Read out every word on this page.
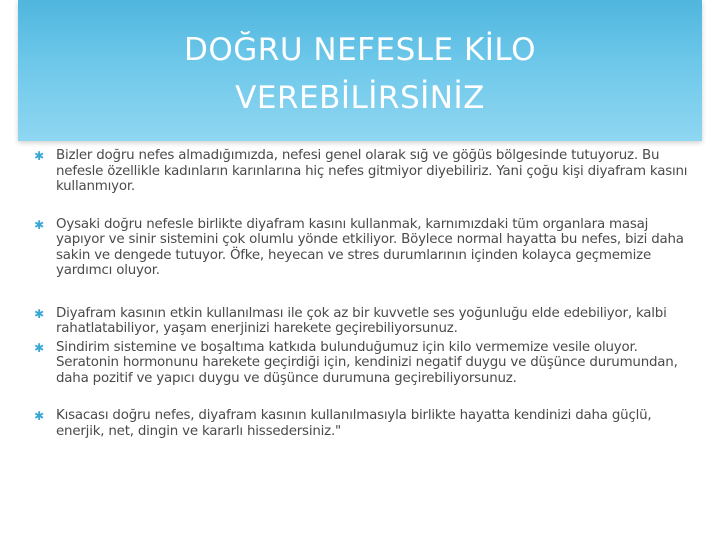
DOĞRU NEFESLE KİLO
VEREBİLİRSİNİZ
✱ Bizler doğru nefes almadığımızda, nefesi genel olarak sığ ve göğüs bölgesinde tutuyoruz. Bu nefesle özellikle kadınların karınlarına hiç nefes gitmiyor diyebiliriz. Yani çoğu kişi diyafram kasını kullanmıyor.
✱ Oysaki doğru nefesle birlikte diyafram kasını kullanmak, karnımızdaki tüm organlara masaj yapıyor ve sinir sistemini çok olumlu yönde etkiliyor. Böylece normal hayatta bu nefes, bizi daha sakin ve dengede tutuyor. Öfke, heyecan ve stres durumlarının içinden kolayca geçmemize yardımcı oluyor.
✱ Diyafram kasının etkin kullanılması ile çok az bir kuvvetle ses yoğunluğu elde edebiliyor, kalbi rahatlatabiliyor, yaşam enerjinizi harekete geçirebiliyorsunuz.
✱ Sindirim sistemine ve boşaltıma katkıda bulunduğumuz için kilo vermemize vesile oluyor. Seratonin hormonunu harekete geçirdiği için, kendinizi negatif duygu ve düşünce durumundan, daha pozitif ve yapıcı duygu ve düşünce durumuna geçirebiliyorsunuz.
✱ Kısacası doğru nefes, diyafram kasının kullanılmasıyla birlikte hayatta kendinizi daha güçlü, enerjik, net, dingin ve kararlı hissedersiniz."
